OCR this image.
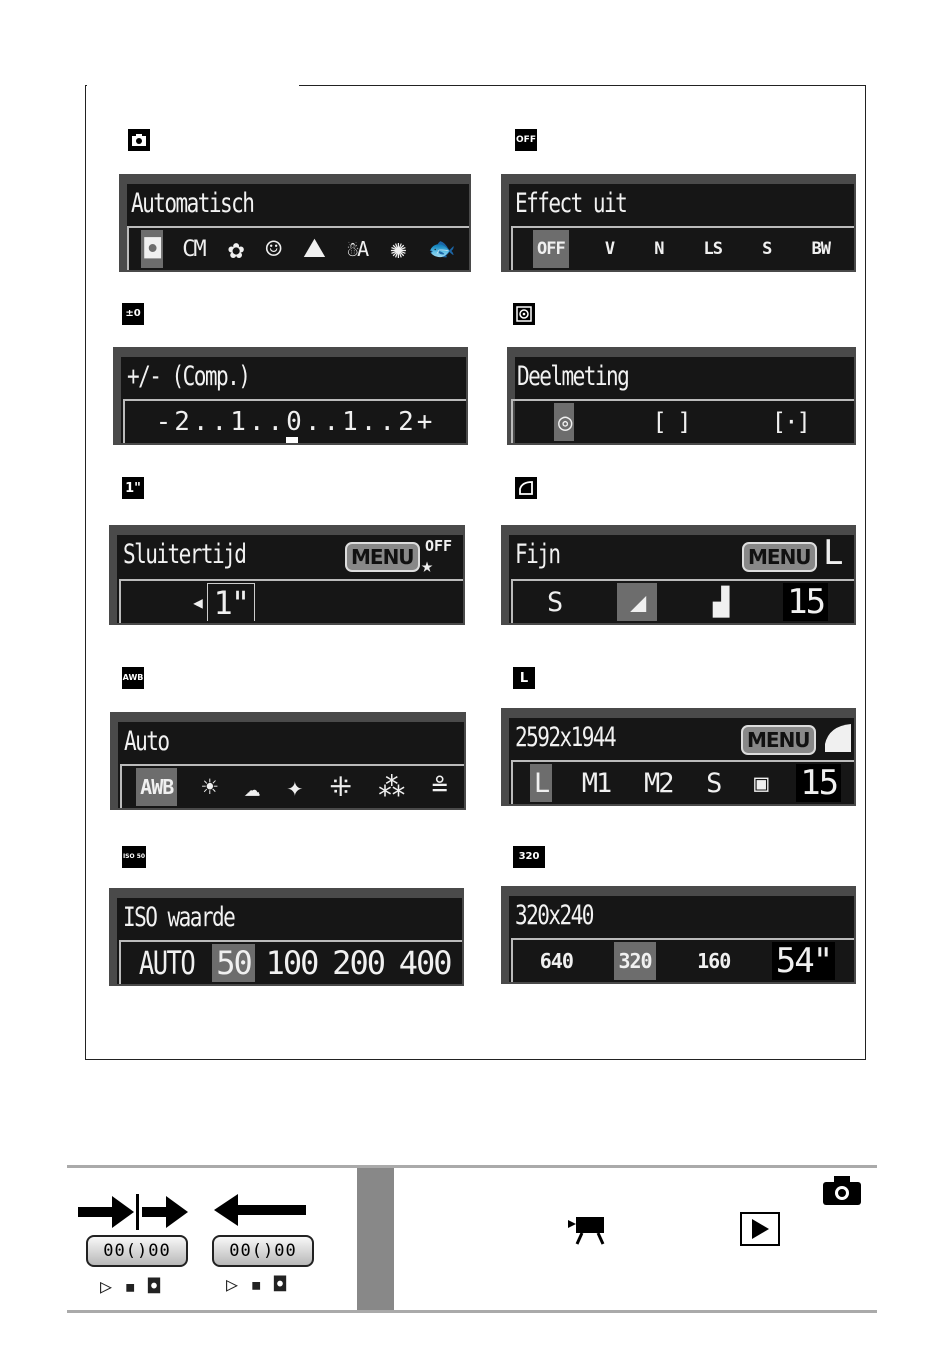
OFF
±0
1"
AWB	L
ISO 50	320
Automatisch
◘ CM ✿ ☺ ⛰ ☃A ✺ 🐟
Effect uit
OFF V N LS S BW
+/- (Comp.)
-2..1..0..1..2+
Deelmeting
◎	[ ]	[·]
Sluitertijd	MENU OFF
★
◀ 1"
Fijn	MENU L
S	◢	▟ 15
Auto
AWB ☀ ☁ ✦ ⁜ ⁂ ≗
2592x1944	MENU
L M1 M2 S ▣ 15
ISO waarde
AUTO 50 100 200 400
320x240
640 320 160 54"
00()00	00()00
▷ ▪ ◘	▷ ▪ ◘
